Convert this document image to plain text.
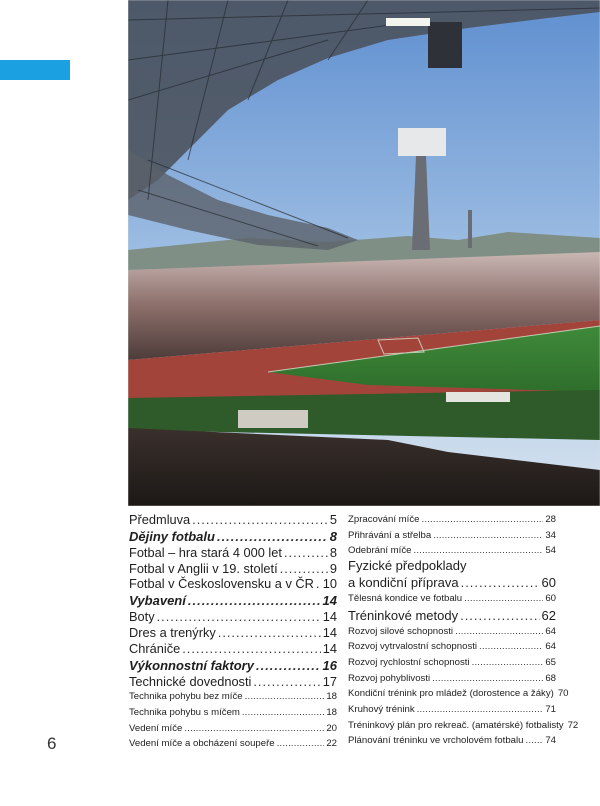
Předmluva .....	5
Dějiny fotbalu .....	8
Fotbal – hra stará 4 000 let .....	8
Fotbal v Anglii v 19. století .....	9
Fotbal v Československu a v ČR ..... 10
Vybavení .....	14
Boty .....	14
Dres a trenýrky .....	14
Chrániče .....	14
Výkonnostní faktory .....	16
Technické dovednosti .....	17
Technika pohybu bez míče .....	18
Technika pohybu s míčem .....	18
Vedení míče .....	20
Vedení míče a obcházení soupeře .....	22
Zpracování míče .....	28
Přihrávání a střelba .....	34
Odebrání míče .....	54
Fyzické předpoklady
a kondiční příprava .....	60
Tělesná kondice ve fotbalu .....	60
Tréninkové metody .....	62
Rozvoj silové schopnosti .....	64
Rozvoj vytrvalostní schopnosti .....	64
Rozvoj rychlostní schopnosti .....	65
Rozvoj pohyblivosti .....	68
Kondiční trénink pro mládež (dorostence a žáky) 70
Kruhový trénink .....	71
Tréninkový plán pro rekreač. (amatérské) fotbalisty 72
Plánování tréninku ve vrcholovém fotbalu ..... 74
6
